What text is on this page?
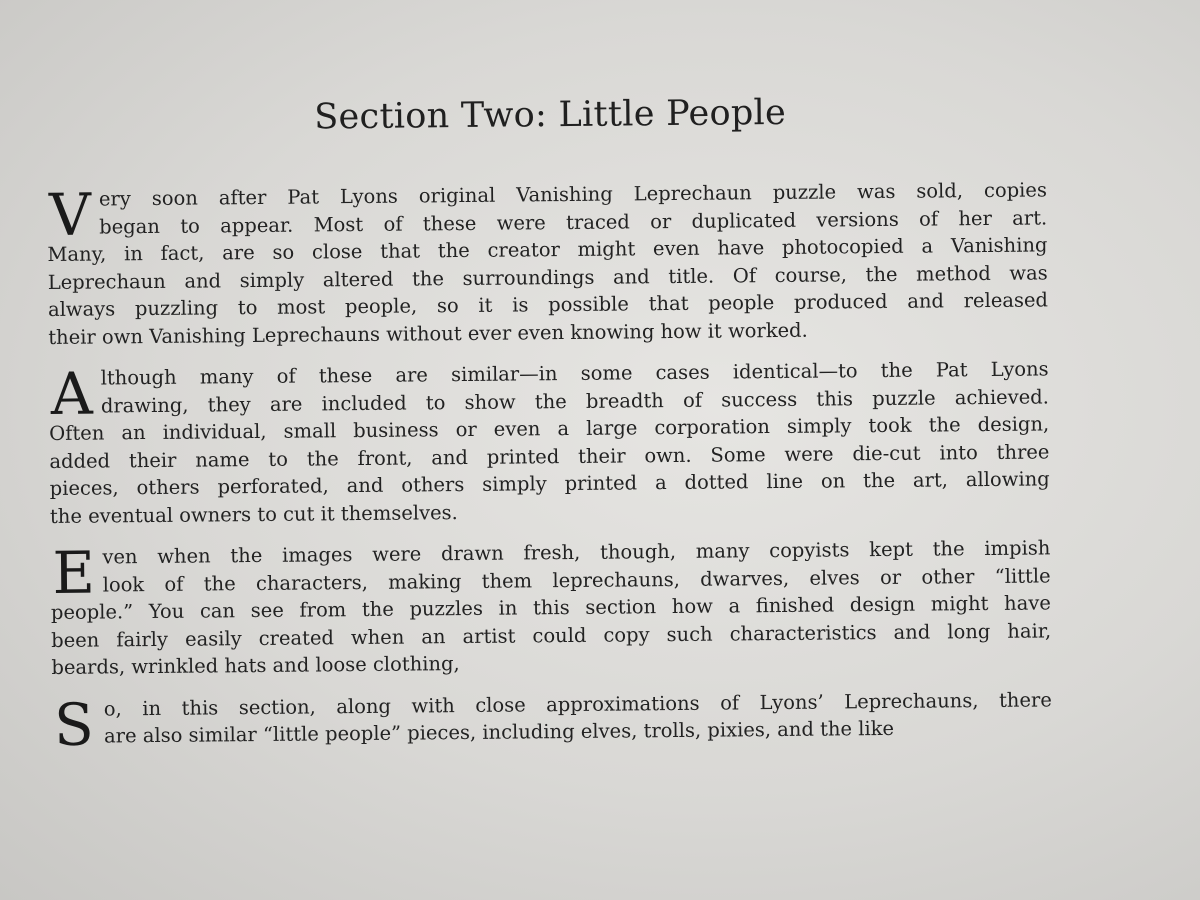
Section Two: Little People
V ery soon after Pat Lyons original Vanishing Leprechaun puzzle was sold, copies
began to appear. Most of these were traced or duplicated versions of her art.
Many, in fact, are so close that the creator might even have photocopied a Vanishing
Leprechaun and simply altered the surroundings and title. Of course, the method was
always puzzling to most people, so it is possible that people produced and released
their own Vanishing Leprechauns without ever even knowing how it worked.
A lthough many of these are similar—in some cases identical—to the Pat Lyons
drawing, they are included to show the breadth of success this puzzle achieved.
Often an individual, small business or even a large corporation simply took the design,
added their name to the front, and printed their own. Some were die-cut into three
pieces, others perforated, and others simply printed a dotted line on the art, allowing
the eventual owners to cut it themselves.
E ven when the images were drawn fresh, though, many copyists kept the impish
look of the characters, making them leprechauns, dwarves, elves or other “little
people.” You can see from the puzzles in this section how a finished design might have
been fairly easily created when an artist could copy such characteristics and long hair,
beards, wrinkled hats and loose clothing,
S o, in this section, along with close approximations of Lyons’ Leprechauns, there
are also similar “little people” pieces, including elves, trolls, pixies, and the like
